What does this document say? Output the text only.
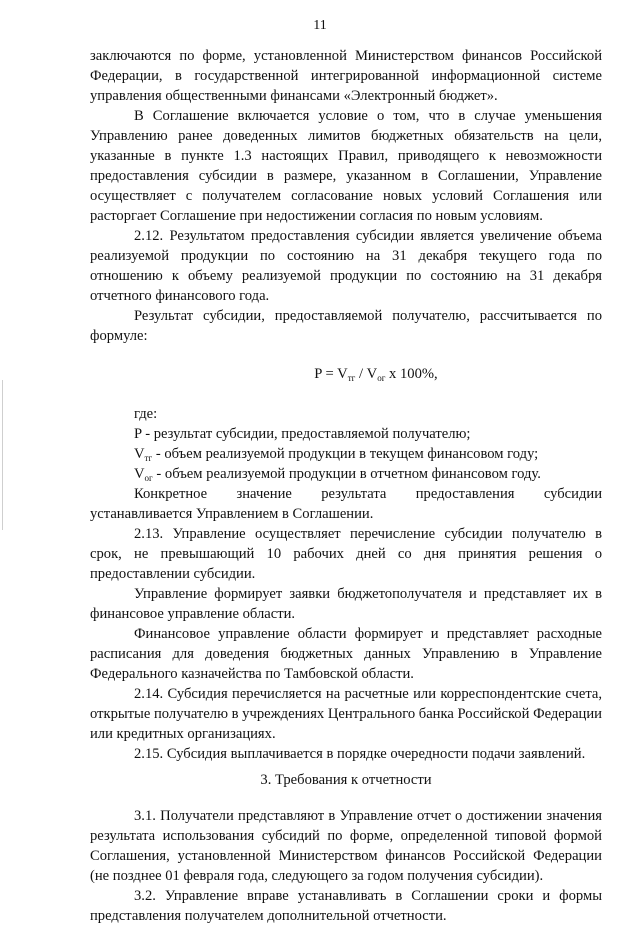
11

заключаются по форме, установленной Министерством финансов Российской Федерации, в государственной интегрированной информационной системе управления общественными финансами «Электронный бюджет».

В Соглашение включается условие о том, что в случае уменьшения Управлению ранее доведенных лимитов бюджетных обязательств на цели, указанные в пункте 1.3 настоящих Правил, приводящего к невозможности предоставления субсидии в размере, указанном в Соглашении, Управление осуществляет с получателем согласование новых условий Соглашения или расторгает Соглашение при недостижении согласия по новым условиям.

2.12. Результатом предоставления субсидии является увеличение объема реализуемой продукции по состоянию на 31 декабря текущего года по отношению к объему реализуемой продукции по состоянию на 31 декабря отчетного финансового года.

Результат субсидии, предоставляемой получателю, рассчитывается по формуле:

$P = V_{тг} / V_{ог}$ x 100%,

где:

P - результат субсидии, предоставляемой получателю;

$V_{тг}$ - объем реализуемой продукции в текущем финансовом году;

$V_{ог}$ - объем реализуемой продукции в отчетном финансовом году.

Конкретное значение результата предоставления субсидии устанавливается Управлением в Соглашении.

2.13. Управление осуществляет перечисление субсидии получателю в срок, не превышающий 10 рабочих дней со дня принятия решения о предоставлении субсидии.

Управление формирует заявки бюджетополучателя и представляет их в финансовое управление области.

Финансовое управление области формирует и представляет расходные расписания для доведения бюджетных данных Управлению в Управление Федерального казначейства по Тамбовской области.

2.14. Субсидия перечисляется на расчетные или корреспондентские счета, открытые получателю в учреждениях Центрального банка Российской Федерации или кредитных организациях.

2.15. Субсидия выплачивается в порядке очередности подачи заявлений.

3. Требования к отчетности

3.1. Получатели представляют в Управление отчет о достижении значения результата использования субсидий по форме, определенной типовой формой Соглашения, установленной Министерством финансов Российской Федерации (не позднее 01 февраля года, следующего за годом получения субсидии).

3.2. Управление вправе устанавливать в Соглашении сроки и формы представления получателем дополнительной отчетности.
